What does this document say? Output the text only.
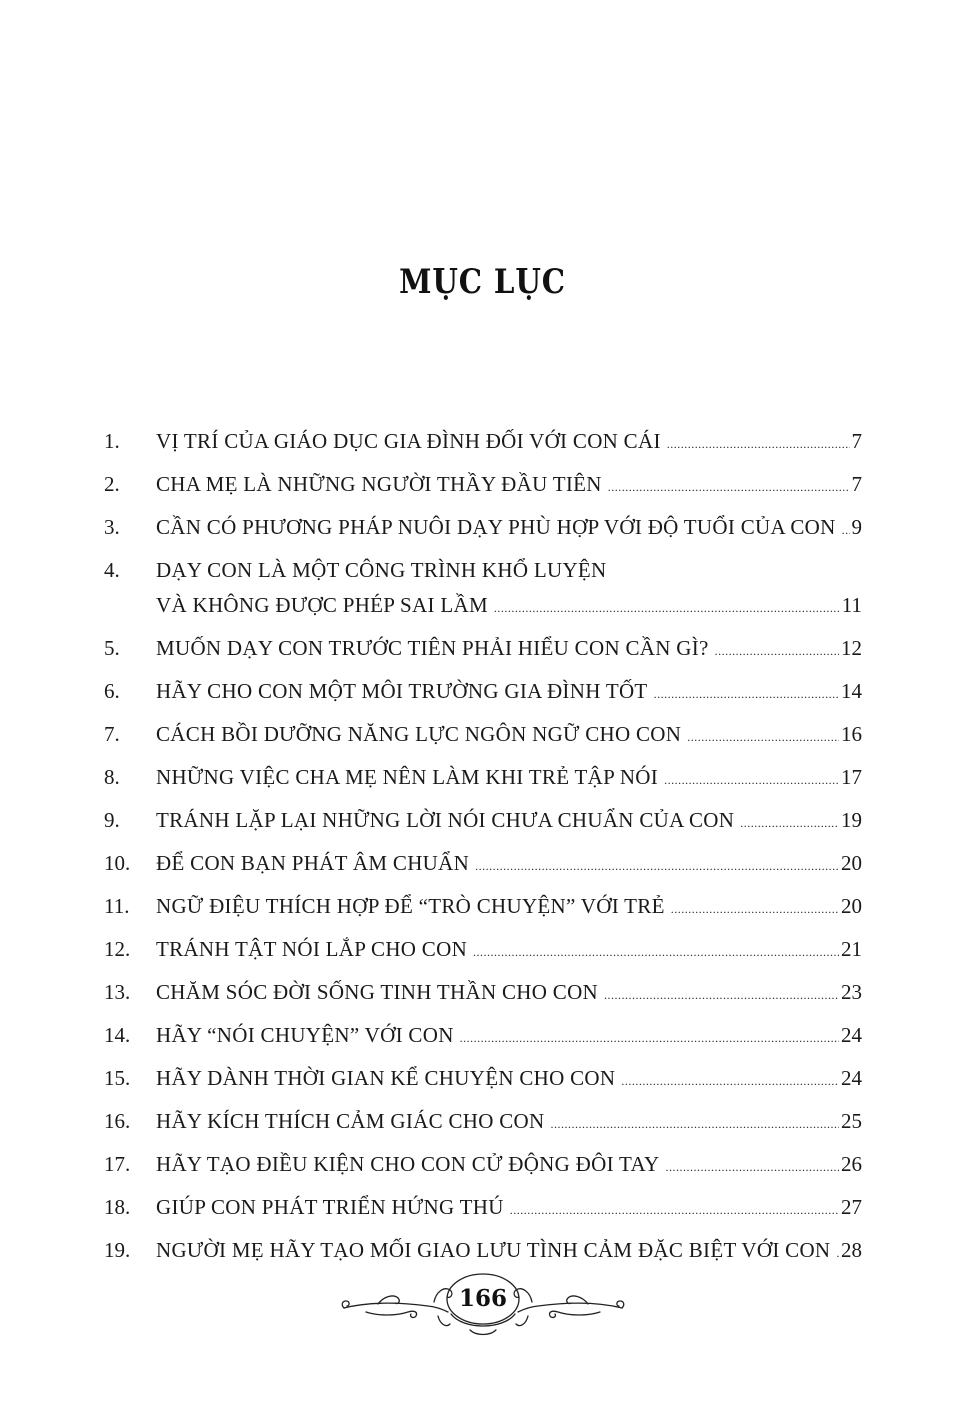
MỤC LỤC
1.	VỊ TRÍ CỦA GIÁO DỤC GIA ĐÌNH ĐỐI VỚI CON CÁI .....	7
2.	CHA MẸ LÀ NHỮNG NGƯỜI THẦY ĐẦU TIÊN .....	7
3.	CẦN CÓ PHƯƠNG PHÁP NUÔI DẠY PHÙ HỢP VỚI ĐỘ TUỔI CỦA CON ..... 9
4.	DẠY CON LÀ MỘT CÔNG TRÌNH KHỔ LUYỆN
VÀ KHÔNG ĐƯỢC PHÉP SAI LẦM .....	11
5.	MUỐN DẠY CON TRƯỚC TIÊN PHẢI HIỂU CON CẦN GÌ? .....	12
6.	HÃY CHO CON MỘT MÔI TRƯỜNG GIA ĐÌNH TỐT .....	14
7.	CÁCH BỒI DƯỠNG NĂNG LỰC NGÔN NGỮ CHO CON .....	16
8.	NHỮNG VIỆC CHA MẸ NÊN LÀM KHI TRẺ TẬP NÓI .....	17
9.	TRÁNH LẶP LẠI NHỮNG LỜI NÓI CHƯA CHUẨN CỦA CON .....	19
10.	ĐỂ CON BẠN PHÁT ÂM CHUẨN .....	20
11.	NGỮ ĐIỆU THÍCH HỢP ĐỂ “TRÒ CHUYỆN” VỚI TRẺ .....	20
12.	TRÁNH TẬT NÓI LẮP CHO CON .....	21
13.	CHĂM SÓC ĐỜI SỐNG TINH THẦN CHO CON .....	23
14.	HÃY “NÓI CHUYỆN” VỚI CON .....	24
15.	HÃY DÀNH THỜI GIAN KỂ CHUYỆN CHO CON .....	24
16.	HÃY KÍCH THÍCH CẢM GIÁC CHO CON .....	25
17.	HÃY TẠO ĐIỀU KIỆN CHO CON CỬ ĐỘNG ĐÔI TAY .....	26
18.	GIÚP CON PHÁT TRIỂN HỨNG THÚ .....	27
19.	NGƯỜI MẸ HÃY TẠO MỐI GIAO LƯU TÌNH CẢM ĐẶC BIỆT VỚI CON ..... 28
166
